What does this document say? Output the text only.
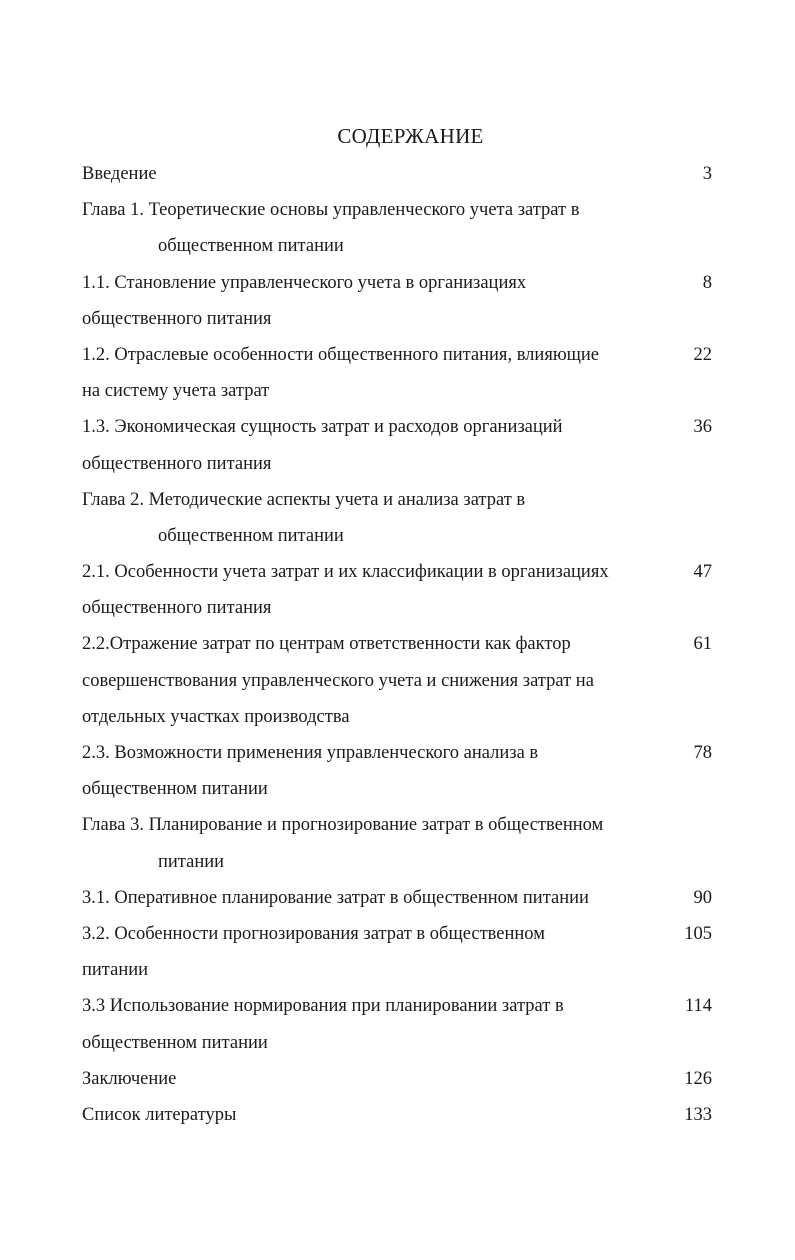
СОДЕРЖАНИЕ
Введение	3
Глава 1. Теоретические основы управленческого учета затрат в
общественном питании
1.1. Становление управленческого учета в организациях	8
общественного питания
1.2. Отраслевые особенности общественного питания, влияющие	22
на систему учета затрат
1.3. Экономическая сущность затрат и расходов организаций	36
общественного питания
Глава 2. Методические аспекты учета и анализа затрат в
общественном питании
2.1. Особенности учета затрат и их классификации в организациях	47
общественного питания
2.2.Отражение затрат по центрам ответственности как фактор	61
совершенствования управленческого учета и снижения затрат на
отдельных участках производства
2.3. Возможности применения управленческого анализа в	78
общественном питании
Глава 3. Планирование и прогнозирование затрат в общественном
питании
3.1. Оперативное планирование затрат в общественном питании	90
3.2. Особенности прогнозирования затрат в общественном	105
питании
3.3 Использование нормирования при планировании затрат в	114
общественном питании
Заключение	126
Список литературы	133
